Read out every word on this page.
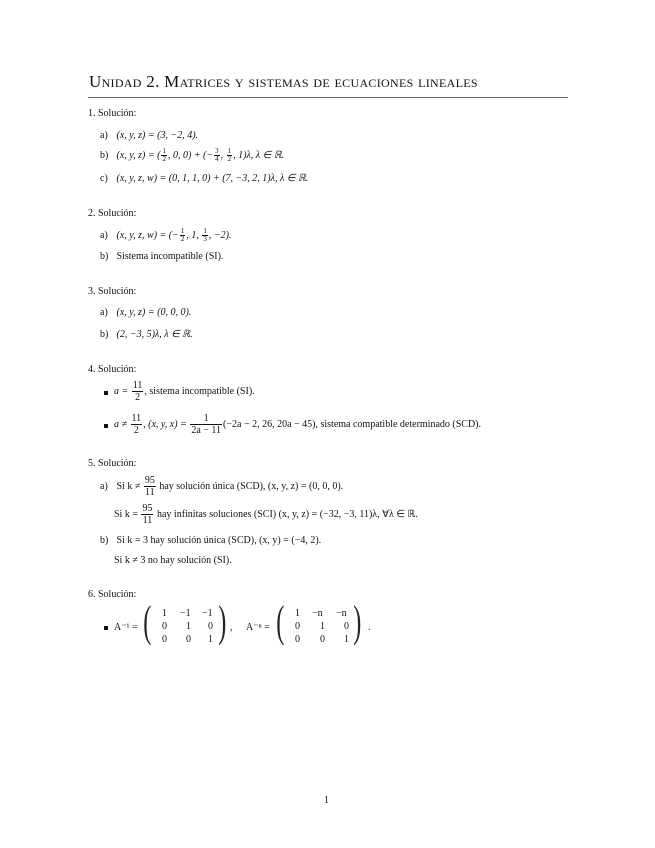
Unidad 2. Matrices y sistemas de ecuaciones lineales
1. Solución:
a) (x, y, z) = (3, −2, 4).
b) (x, y, z) = ( $\frac{1}{2}$ , 0, 0) + (− $\frac{3}{4}$ , $\frac{1}{2}$ , 1)λ, λ ∈ ℝ.
c) (x, y, z, w) = (0, 1, 1, 0) + (7, −3, 2, 1)λ, λ ∈ ℝ.
2. Solución:
a) (x, y, z, w) = (− $\frac{1}{2}$ , 1, $\frac{1}{3}$ , −2).
b) Sistema incompatible (SI).
3. Solución:
a) (x, y, z) = (0, 0, 0).
b) (2, −3, 5)λ, λ ∈ ℝ.
4. Solución:
$a = \frac{11}{2}$ , sistema incompatible (SI).
$a \ne \frac{11}{2}$ , (x, y, $x) = \frac{1}{2a - 11} (-2a - 2$, 26, 20a − 45), sistema compatible determinado (SCD).
5. Solución:
a) Si $k \ne \frac{95}{11}$ hay solución única (SCD), (x, y, z) = (0, 0, 0).
Si $k = \frac{95}{11}$ hay infinitas soluciones (SCI) (x, y, z) = (−32, −3, 11)λ, ∀λ ∈ ℝ.
b) Si k = 3 hay solución única (SCD), (x, y) = (−4, 2).
Si k ≠ 3 no hay solución (SI).
6. Solución:
A⁻¹ = ( 1 −1 −1
0 1 0
0 0 1 ) , A⁻ⁿ = ( 1 −n −n
0 1 0
0 0 1 ) .
1
